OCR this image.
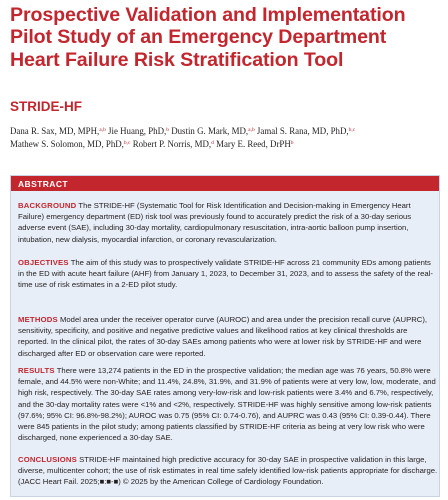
Prospective Validation and Implementation Pilot Study of an Emergency Department Heart Failure Risk Stratification Tool
STRIDE-HF
Dana R. Sax, MD, MPH,$^{a,b}$ Jie Huang, PhD,$^b$ Dustin G. Mark, MD,$^{a,b}$ Jamal S. Rana, MD, PhD,$^{b,c}$ Mathew S. Solomon, MD, PhD,$^{b,c}$ Robert P. Norris, MD,$^d$ Mary E. Reed, DrPH$^b$
ABSTRACT
BACKGROUND The STRIDE-HF (Systematic Tool for Risk Identification and Decision-making in Emergency Heart Failure) emergency department (ED) risk tool was previously found to accurately predict the risk of a 30-day serious adverse event (SAE), including 30-day mortality, cardiopulmonary resuscitation, intra-aortic balloon pump insertion, intubation, new dialysis, myocardial infarction, or coronary revascularization.
OBJECTIVES The aim of this study was to prospectively validate STRIDE-HF across 21 community EDs among patients in the ED with acute heart failure (AHF) from January 1, 2023, to December 31, 2023, and to assess the safety of the real-time use of risk estimates in a 2-ED pilot study.
METHODS Model area under the receiver operator curve (AUROC) and area under the precision recall curve (AUPRC), sensitivity, specificity, and positive and negative predictive values and likelihood ratios at key clinical thresholds are reported. In the clinical pilot, the rates of 30-day SAEs among patients who were at lower risk by STRIDE-HF and were discharged after ED or observation care were reported.
RESULTS There were 13,274 patients in the ED in the prospective validation; the median age was 76 years, 50.8% were female, and 44.5% were non-White; and 11.4%, 24.8%, 31.9%, and 31.9% of patients were at very low, low, moderate, and high risk, respectively. The 30-day SAE rates among very-low-risk and low-risk patients were 3.4% and 6.7%, respectively, and the 30-day mortality rates were <1% and <2%, respectively. STRIDE-HF was highly sensitive among low-risk patients (97.6%; 95% CI: 96.8%-98.2%); AUROC was 0.75 (95% CI: 0.74-0.76), and AUPRC was 0.43 (95% CI: 0.39-0.44). There were 845 patients in the pilot study; among patients classified by STRIDE-HF criteria as being at very low risk who were discharged, none experienced a 30-day SAE.
CONCLUSIONS STRIDE-HF maintained high predictive accuracy for 30-day SAE in prospective validation in this large, diverse, multicenter cohort; the use of risk estimates in real time safely identified low-risk patients appropriate for discharge. (JACC Heart Fail. 2025;■:■-■) © 2025 by the American College of Cardiology Foundation.
